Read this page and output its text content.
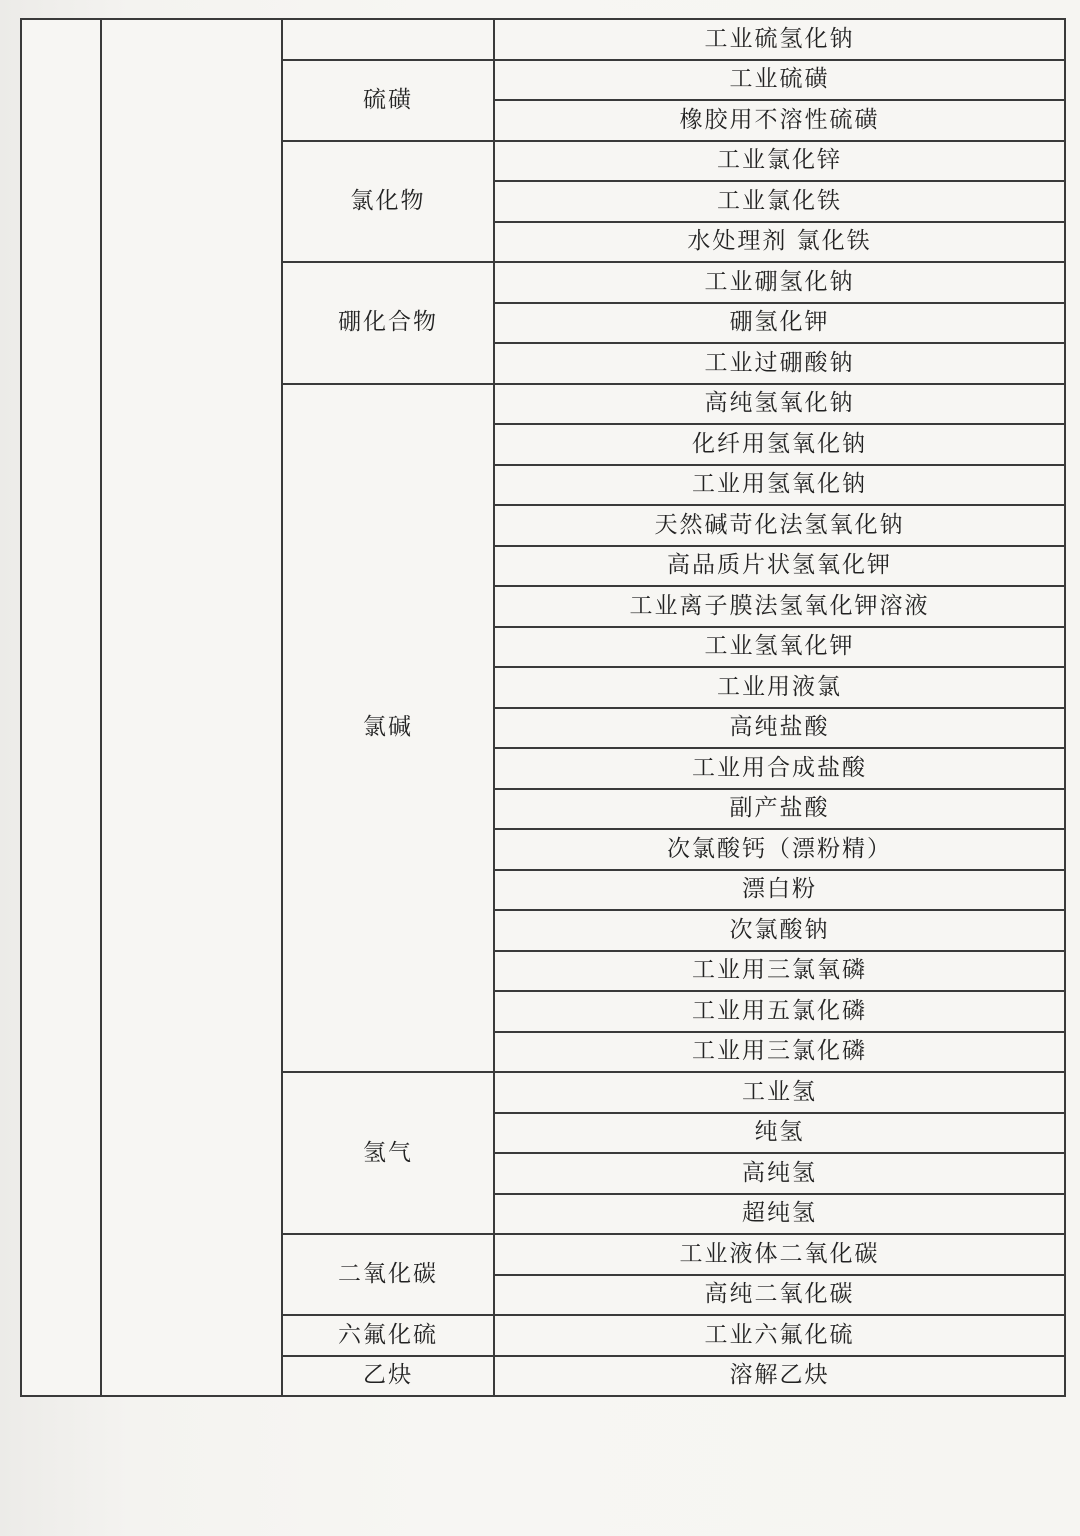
			工业硫氢化钠
		硫磺	工业硫磺
			橡胶用不溶性硫磺
		氯化物	工业氯化锌
			工业氯化铁
			水处理剂 氯化铁
		硼化合物	工业硼氢化钠
			硼氢化钾
			工业过硼酸钠
		氯碱	高纯氢氧化钠
			化纤用氢氧化钠
			工业用氢氧化钠
			天然碱苛化法氢氧化钠
			高品质片状氢氧化钾
			工业离子膜法氢氧化钾溶液
			工业氢氧化钾
			工业用液氯
			高纯盐酸
			工业用合成盐酸
			副产盐酸
			次氯酸钙（漂粉精）
			漂白粉
			次氯酸钠
			工业用三氯氧磷
			工业用五氯化磷
			工业用三氯化磷
		氢气	工业氢
			纯氢
			高纯氢
			超纯氢
		二氧化碳	工业液体二氧化碳
			高纯二氧化碳
		六氟化硫	工业六氟化硫
		乙炔	溶解乙炔
